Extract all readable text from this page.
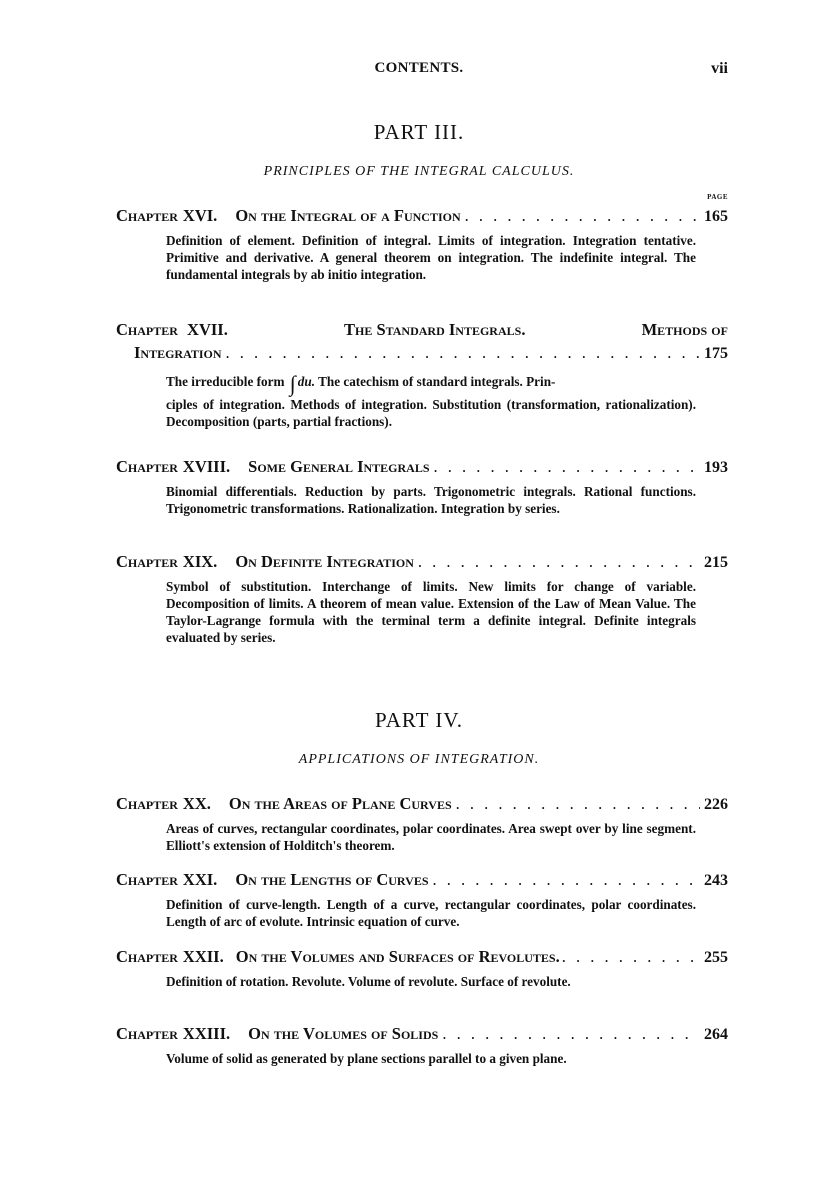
CONTENTS.	vii
PART III.
PRINCIPLES OF THE INTEGRAL CALCULUS.
PAGE
Chapter XVI. On the Integral of a Function . . .	165
Definition of element. Definition of integral. Limits of integration. Integration tentative. Primitive and derivative. A general theorem on integration. The indefinite integral. The fundamental integrals by ab initio integration.
Chapter XVII.	The Standard Integrals.	Methods of
Integration . . .	175
The irreducible form ∫ du. The catechism of standard integrals. Prin-
ciples of integration. Methods of integration. Substitution (transformation, rationalization). Decomposition (parts, partial fractions).
Chapter XVIII. Some General Integrals . . .	193
Binomial differentials. Reduction by parts. Trigonometric integrals. Rational functions. Trigonometric transformations. Rationalization. Integration by series.
Chapter XIX. On Definite Integration . . .	215
Symbol of substitution. Interchange of limits. New limits for change of variable. Decomposition of limits. A theorem of mean value. Extension of the Law of Mean Value. The Taylor-Lagrange formula with the terminal term a definite integral. Definite integrals evaluated by series.
PART IV.
APPLICATIONS OF INTEGRATION.
Chapter XX. On the Areas of Plane Curves . . .	226
Areas of curves, rectangular coordinates, polar coordinates. Area swept over by line segment. Elliott's extension of Holditch's theorem.
Chapter XXI. On the Lengths of Curves . . .	243
Definition of curve-length. Length of a curve, rectangular coordinates, polar coordinates. Length of arc of evolute. Intrinsic equation of curve.
Chapter XXII. On the Volumes and Surfaces of Revolutes. . . .	255
Definition of rotation. Revolute. Volume of revolute. Surface of revolute.
Chapter XXIII. On the Volumes of Solids . . .	264
Volume of solid as generated by plane sections parallel to a given plane.
